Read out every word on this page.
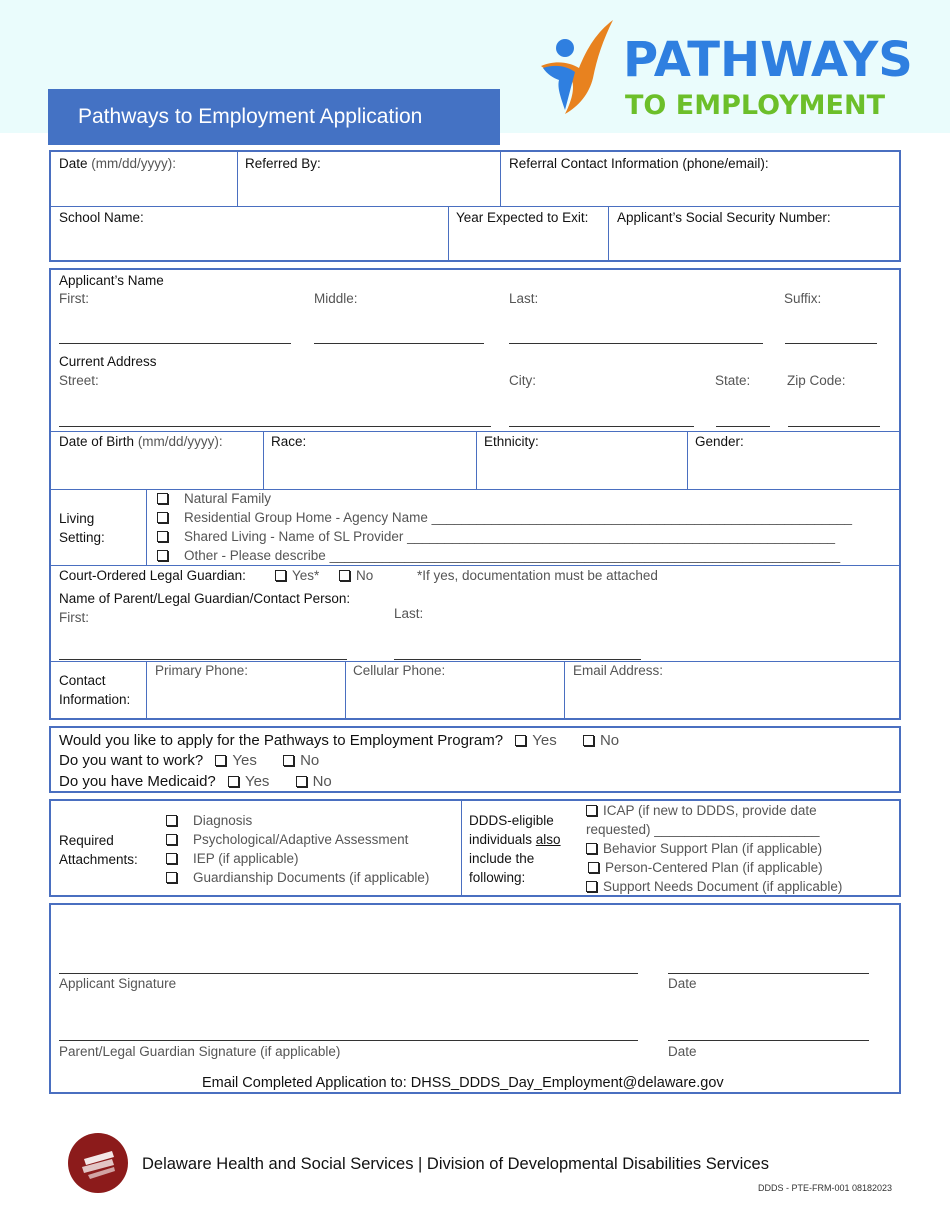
Pathways to Employment Application
PATHWAYS
TO EMPLOYMENT
Date (mm/dd/yyyy):	Referred By:	Referral Contact Information (phone/email):
School Name:	Year Expected to Exit: Applicant’s Social Security Number:
Applicant’s Name
First:	Middle:	Last:	Suffix:
Current Address
Street:	City:	State:	Zip Code:
Date of Birth (mm/dd/yyyy):	Race:	Ethnicity:	Gender:
Living
Setting:
Natural Family
Residential Group Home - Agency Name ________________________________________________________
Shared Living - Name of SL Provider _________________________________________________________
Other - Please describe ____________________________________________________________________
Court-Ordered Legal Guardian:	Yes*	No	*If yes, documentation must be attached
Name of Parent/Legal Guardian/Contact Person:
First:	Last:
Contact
Information:
Primary Phone:	Cellular Phone:	Email Address:
Would you like to apply for the Pathways to Employment Program? Yes	No
Do you want to work? Yes	No
Do you have Medicaid? Yes	No
Required
Attachments:
Diagnosis
Psychological/Adaptive Assessment
IEP (if applicable)
Guardianship Documents (if applicable)
DDDS-eligible
individuals also
include the
following:
ICAP (if new to DDDS, provide date
requested) ______________________
Behavior Support Plan (if applicable)
Person-Centered Plan (if applicable)
Support Needs Document (if applicable)
Applicant Signature	Date
Parent/Legal Guardian Signature (if applicable)	Date
Email Completed Application to: DHSS_DDDS_Day_Employment@delaware.gov
Delaware Health and Social Services | Division of Developmental Disabilities Services
DDDS - PTE-FRM-001 08182023
